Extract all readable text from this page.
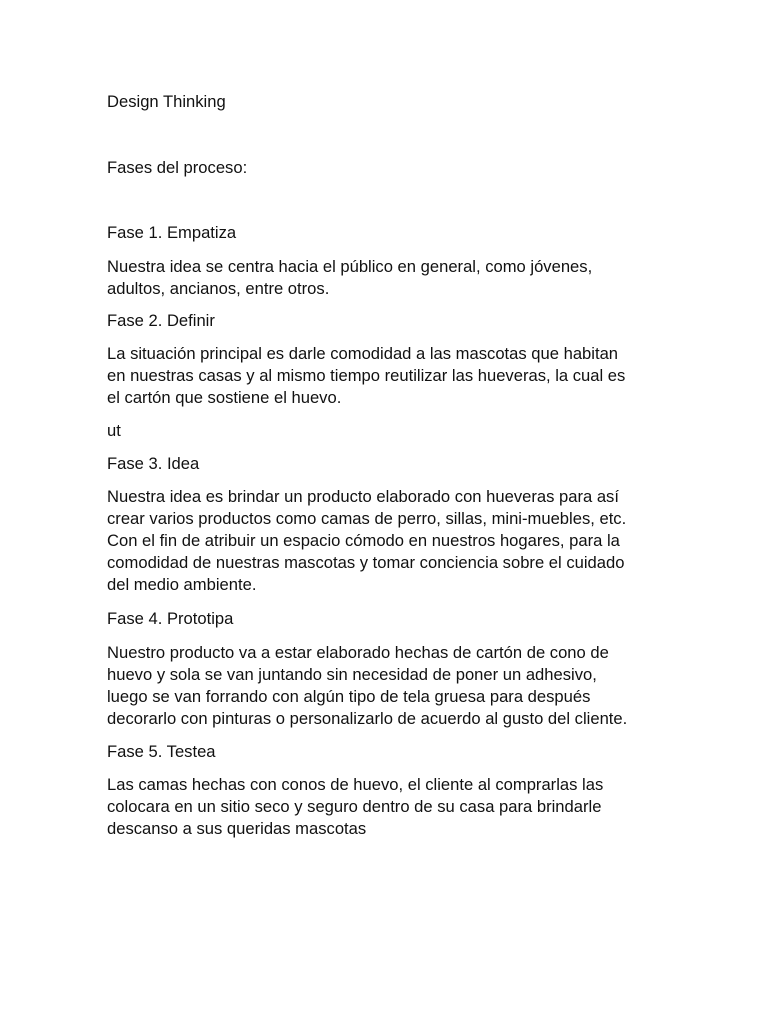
Design Thinking

Fases del proceso:

Fase 1. Empatiza

Nuestra idea se centra hacia el público en general, como jóvenes,
adultos, ancianos, entre otros.

Fase 2. Definir

La situación principal es darle comodidad a las mascotas que habitan
en nuestras casas y al mismo tiempo reutilizar las hueveras, la cual es
el cartón que sostiene el huevo.

ut

Fase 3. Idea

Nuestra idea es brindar un producto elaborado con hueveras para así
crear varios productos como camas de perro, sillas, mini-muebles, etc.
Con el fin de atribuir un espacio cómodo en nuestros hogares, para la
comodidad de nuestras mascotas y tomar conciencia sobre el cuidado
del medio ambiente.

Fase 4. Prototipa

Nuestro producto va a estar elaborado hechas de cartón de cono de
huevo y sola se van juntando sin necesidad de poner un adhesivo,
luego se van forrando con algún tipo de tela gruesa para después
decorarlo con pinturas o personalizarlo de acuerdo al gusto del cliente.

Fase 5. Testea

Las camas hechas con conos de huevo, el cliente al comprarlas las
colocara en un sitio seco y seguro dentro de su casa para brindarle
descanso a sus queridas mascotas
